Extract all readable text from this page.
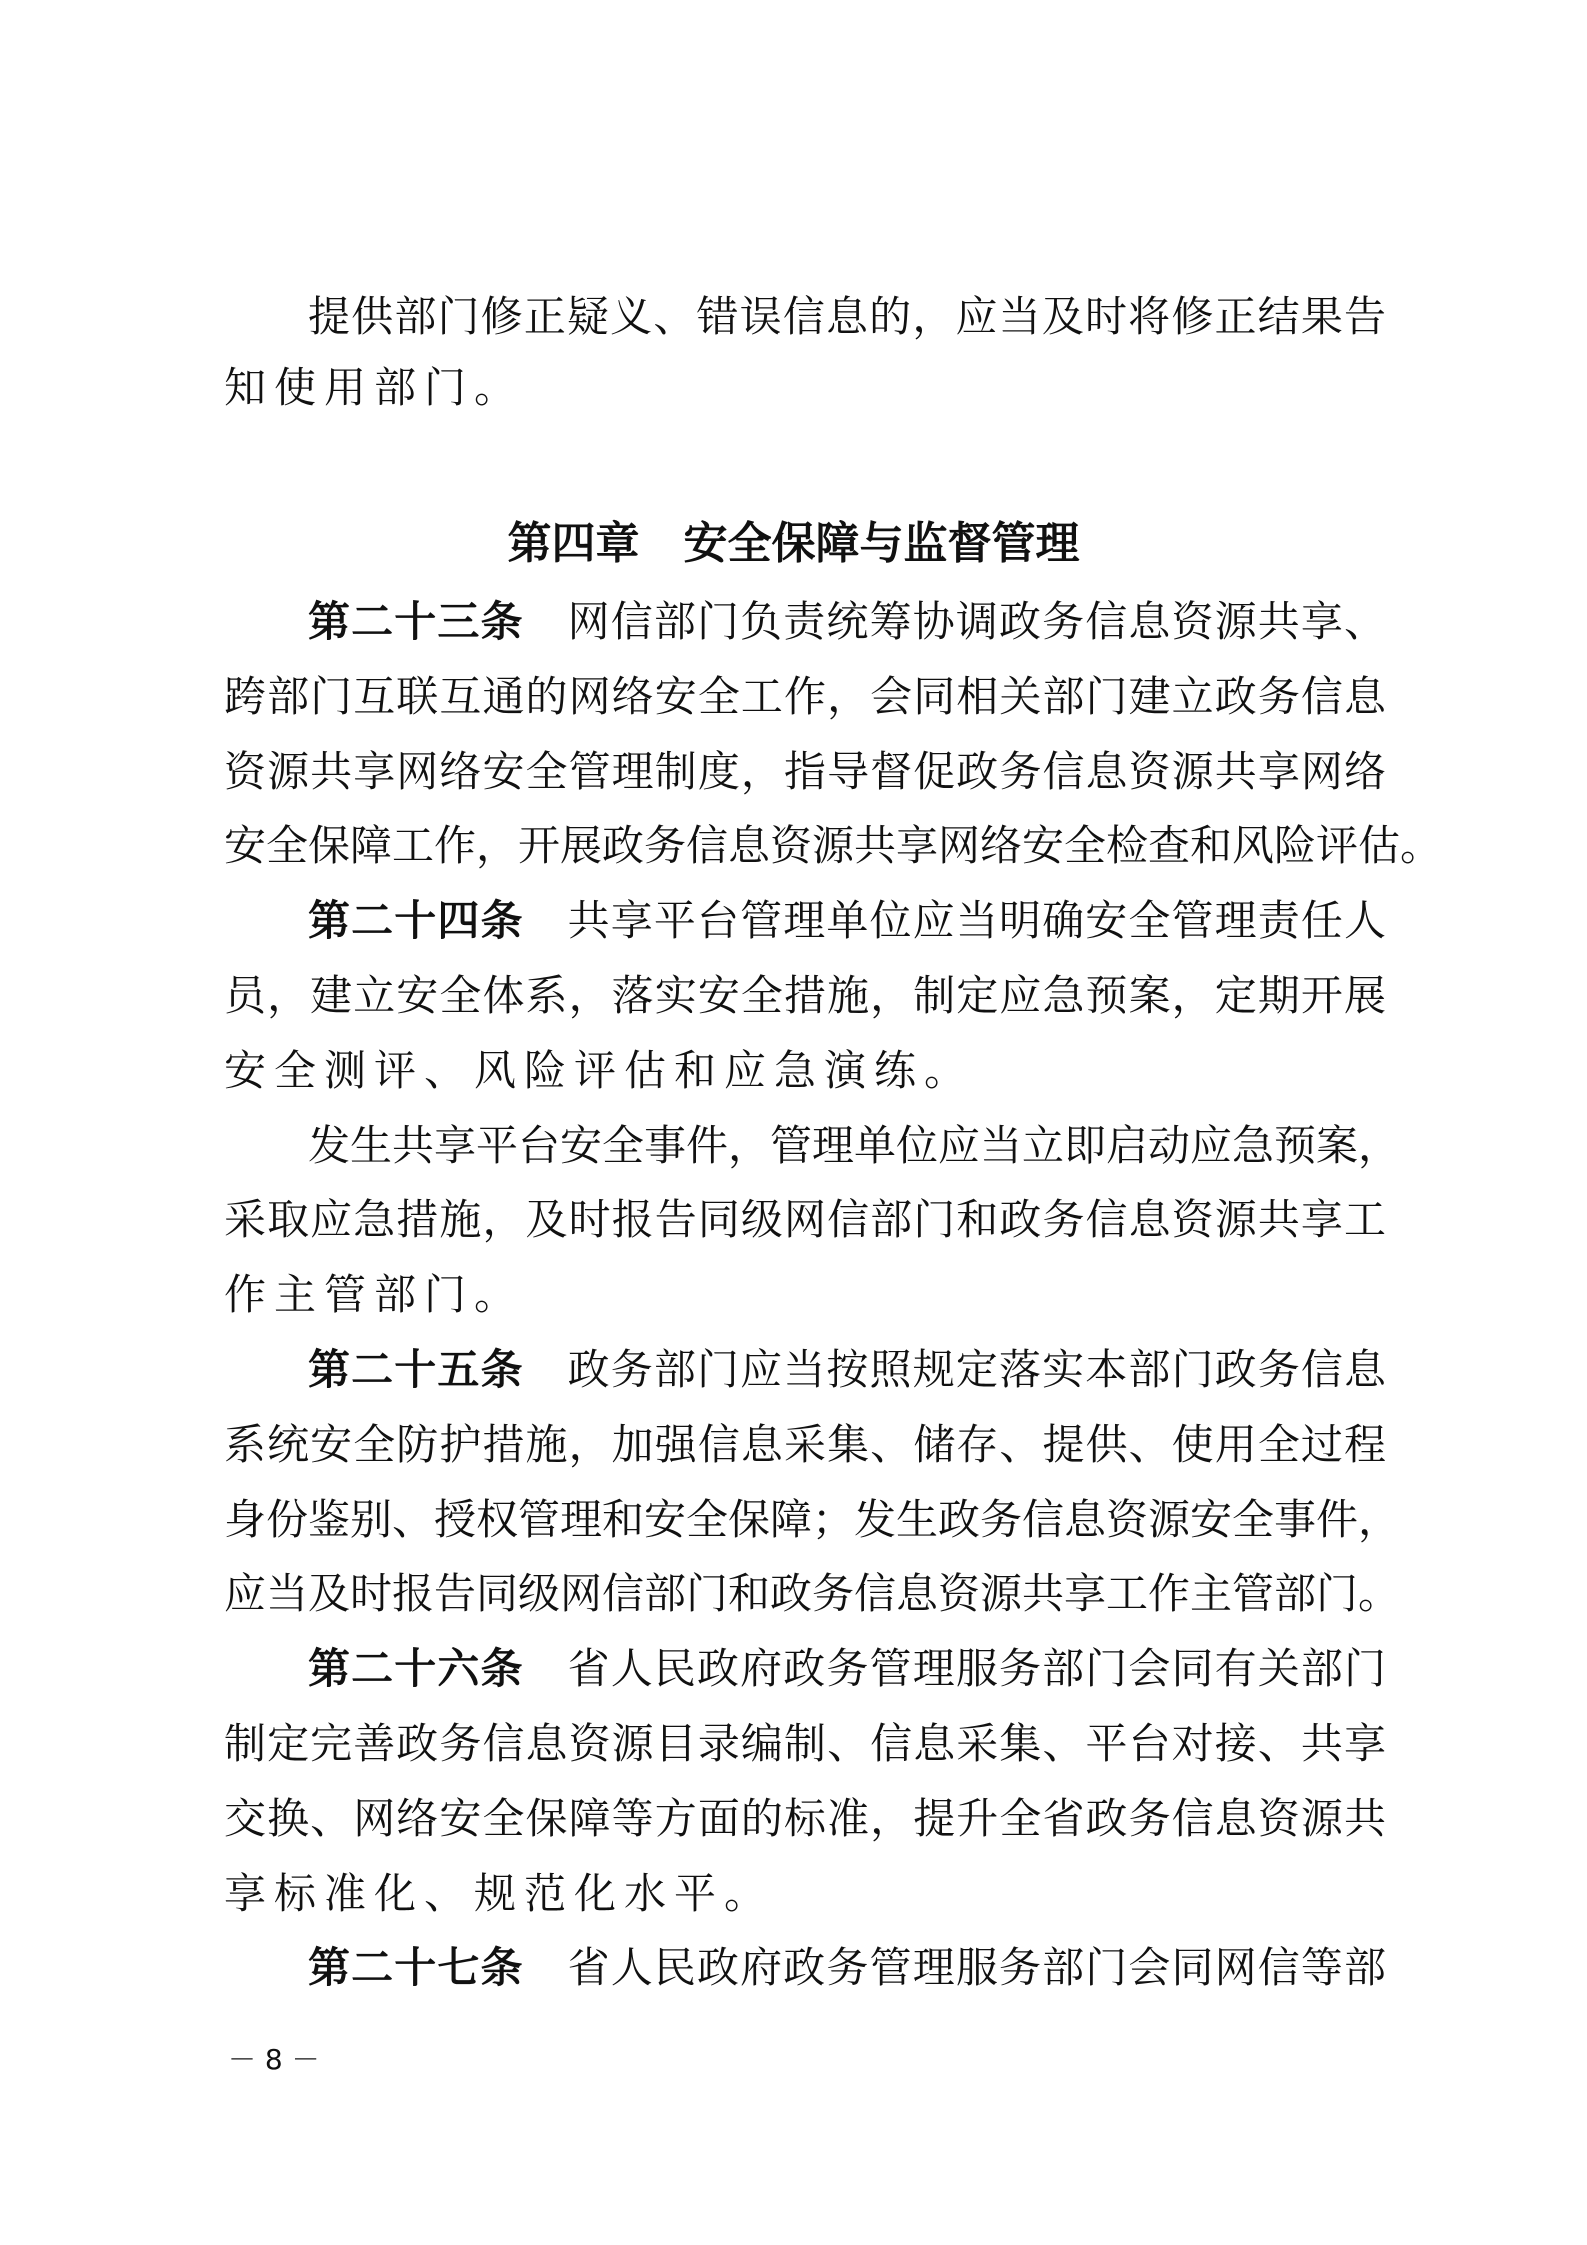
提供部门修正疑义、错误信息的，应当及时将修正结果告
知使用部门。
第四章　安全保障与监督管理
－ 8 －
第二十三条 网信部门负责统筹协调政务信息资源共享、
跨部门互联互通的网络安全工作，会同相关部门建立政务信息
资源共享网络安全管理制度，指导督促政务信息资源共享网络
安全保障工作，开展政务信息资源共享网络安全检查和风险评估。
第二十四条 共享平台管理单位应当明确安全管理责任人
员，建立安全体系，落实安全措施，制定应急预案，定期开展
安全测评、风险评估和应急演练。
发生共享平台安全事件，管理单位应当立即启动应急预案，
采取应急措施，及时报告同级网信部门和政务信息资源共享工
作主管部门。
第二十五条 政务部门应当按照规定落实本部门政务信息
系统安全防护措施，加强信息采集、储存、提供、使用全过程
身份鉴别、授权管理和安全保障；发生政务信息资源安全事件，
应当及时报告同级网信部门和政务信息资源共享工作主管部门。
第二十六条 省人民政府政务管理服务部门会同有关部门
制定完善政务信息资源目录编制、信息采集、平台对接、共享
交换、网络安全保障等方面的标准，提升全省政务信息资源共
享标准化、规范化水平。
第二十七条 省人民政府政务管理服务部门会同网信等部
